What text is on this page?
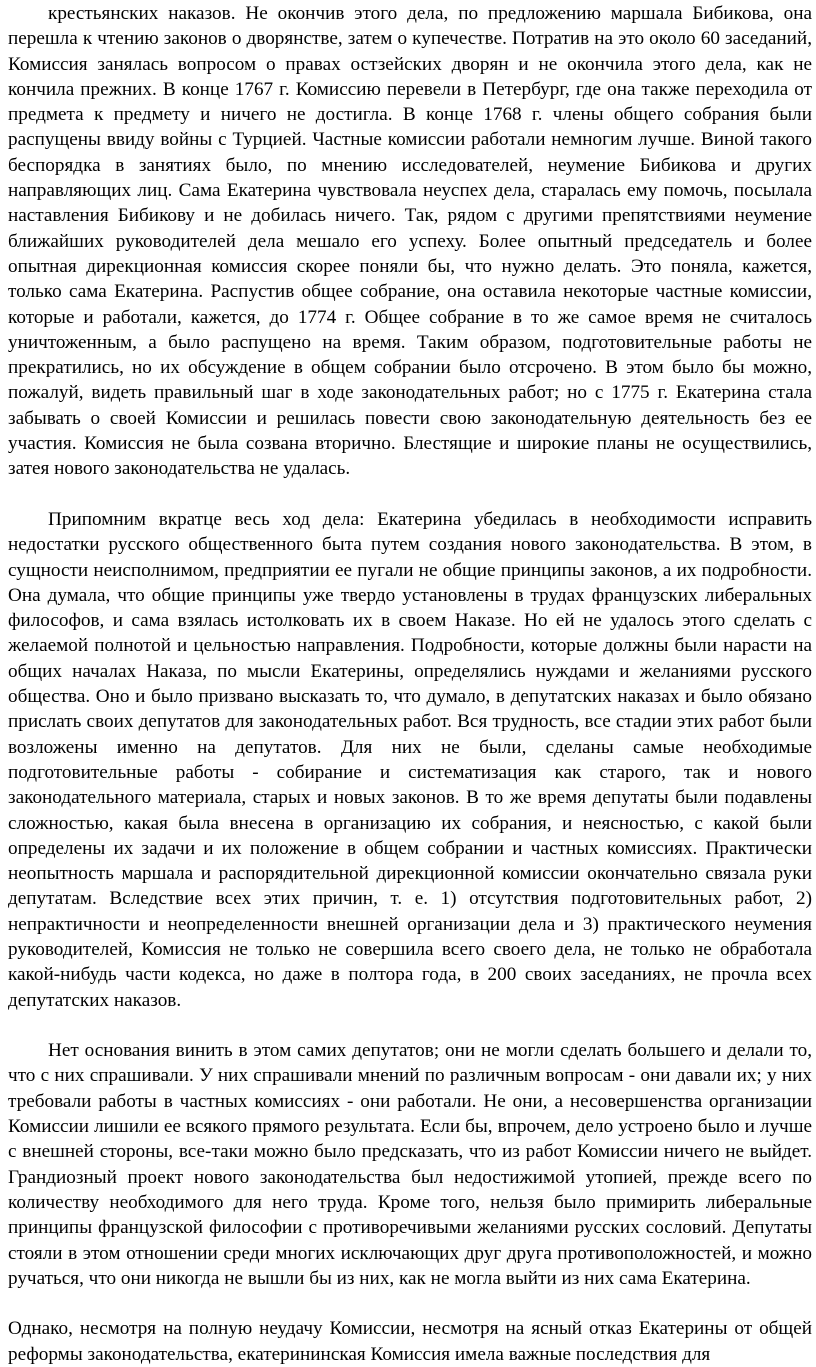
крестьянских наказов. Не окончив этого дела, по предложению маршала Бибикова, она перешла к чтению законов о дворянстве, затем о купечестве. Потратив на это около 60 заседаний, Комиссия занялась вопросом о правах остзейских дворян и не окончила этого дела, как не кончила прежних. В конце 1767 г. Комиссию перевели в Петербург, где она также переходила от предмета к предмету и ничего не достигла. В конце 1768 г. члены общего собрания были распущены ввиду войны с Турцией. Частные комиссии работали немногим лучше. Виной такого беспорядка в занятиях было, по мнению исследователей, неумение Бибикова и других направляющих лиц. Сама Екатерина чувствовала неуспех дела, старалась ему помочь, посылала наставления Бибикову и не добилась ничего. Так, рядом с другими препятствиями неумение ближайших руководителей дела мешало его успеху. Более опытный председатель и более опытная дирекционная комиссия скорее поняли бы, что нужно делать. Это поняла, кажется, только сама Екатерина. Распустив общее собрание, она оставила некоторые частные комиссии, которые и работали, кажется, до 1774 г. Общее собрание в то же самое время не считалось уничтоженным, а было распущено на время. Таким образом, подготовительные работы не прекратились, но их обсуждение в общем собрании было отсрочено. В этом было бы можно, пожалуй, видеть правильный шаг в ходе законодательных работ; но с 1775 г. Екатерина стала забывать о своей Комиссии и решилась повести свою законодательную деятельность без ее участия. Комиссия не была созвана вторично. Блестящие и широкие планы не осуществились, затея нового законодательства не удалась.

Припомним вкратце весь ход дела: Екатерина убедилась в необходимости исправить недостатки русского общественного быта путем создания нового законодательства. В этом, в сущности неисполнимом, предприятии ее пугали не общие принципы законов, а их подробности. Она думала, что общие принципы уже твердо установлены в трудах французских либеральных философов, и сама взялась истолковать их в своем Наказе. Но ей не удалось этого сделать с желаемой полнотой и цельностью направления. Подробности, которые должны были нарасти на общих началах Наказа, по мысли Екатерины, определялись нуждами и желаниями русского общества. Оно и было призвано высказать то, что думало, в депутатских наказах и было обязано прислать своих депутатов для законодательных работ. Вся трудность, все стадии этих работ были возложены именно на депутатов. Для них не были, сделаны самые необходимые подготовительные работы - собирание и систематизация как старого, так и нового законодательного материала, старых и новых законов. В то же время депутаты были подавлены сложностью, какая была внесена в организацию их собрания, и неясностью, с какой были определены их задачи и их положение в общем собрании и частных комиссиях. Практически неопытность маршала и распорядительной дирекционной комиссии окончательно связала руки депутатам. Вследствие всех этих причин, т. е. 1) отсутствия подготовительных работ, 2) непрактичности и неопределенности внешней организации дела и 3) практического неумения руководителей, Комиссия не только не совершила всего своего дела, не только не обработала какой-нибудь части кодекса, но даже в полтора года, в 200 своих заседаниях, не прочла всех депутатских наказов.

Нет основания винить в этом самих депутатов; они не могли сделать большего и делали то, что с них спрашивали. У них спрашивали мнений по различным вопросам - они давали их; у них требовали работы в частных комиссиях - они работали. Не они, а несовершенства организации Комиссии лишили ее всякого прямого результата. Если бы, впрочем, дело устроено было и лучше с внешней стороны, все-таки можно было предсказать, что из работ Комиссии ничего не выйдет. Грандиозный проект нового законодательства был недостижимой утопией, прежде всего по количеству необходимого для него труда. Кроме того, нельзя было примирить либеральные принципы французской философии с противоречивыми желаниями русских сословий. Депутаты стояли в этом отношении среди многих исключающих друг друга противоположностей, и можно ручаться, что они никогда не вышли бы из них, как не могла выйти из них сама Екатерина.

Однако, несмотря на полную неудачу Комиссии, несмотря на ясный отказ Екатерины от общей реформы законодательства, екатерининская Комиссия имела важные последствия для
